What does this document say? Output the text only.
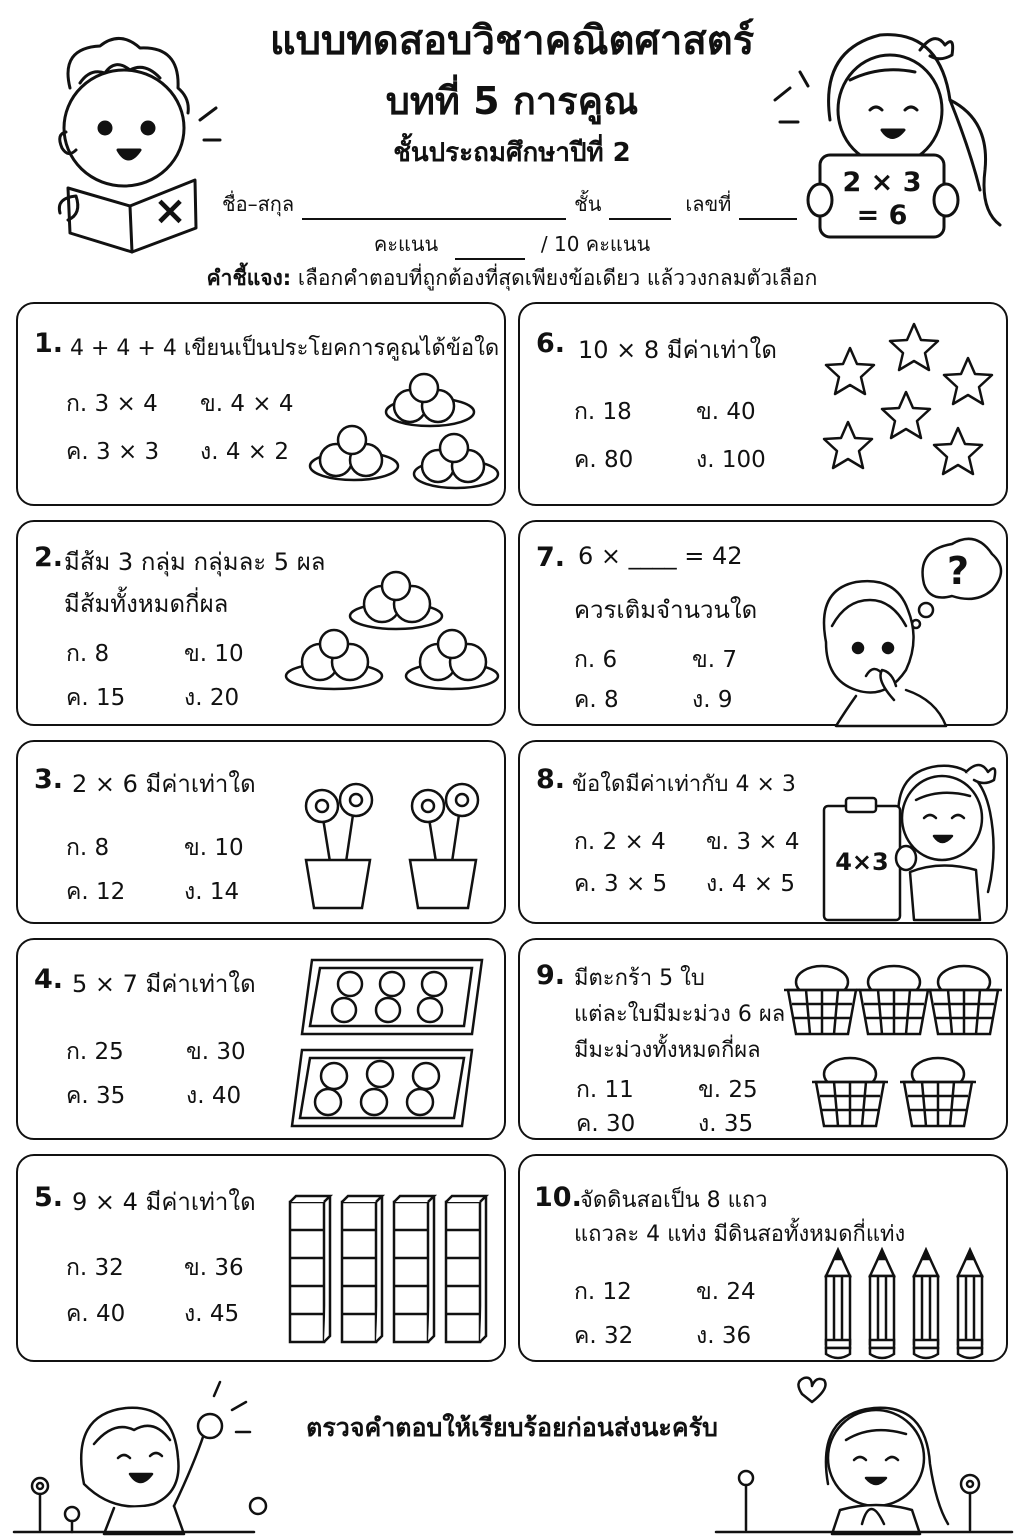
แบบทดสอบวิชาคณิตศาสตร์
บทที่ 5 การคูณ
ชั้นประถมศึกษาปีที่ 2
ชื่อ–สกุล	ชั้น	เลขที่
คะแนน	/ 10 คะแนน
คำชี้แจง: เลือกคำตอบที่ถูกต้องที่สุดเพียงข้อเดียว แล้ววงกลมตัวเลือก
×
2 × 3
= 6
1. 4 + 4 + 4 เขียนเป็นประโยคการคูณได้ข้อใด
ก. 3 × 4 ข. 4 × 4
ค. 3 × 3 ง. 4 × 2
2. มีส้ม 3 กลุ่ม กลุ่มละ 5 ผล
มีส้มทั้งหมดกี่ผล
ก. 8	ข. 10
ค. 15	ง. 20
3. 2 × 6 มีค่าเท่าใด
ก. 8	ข. 10
ค. 12	ง. 14
4. 5 × 7 มีค่าเท่าใด
ก. 25	ข. 30
ค. 35	ง. 40
5. 9 × 4 มีค่าเท่าใด
ก. 32	ข. 36
ค. 40	ง. 45
6. 10 × 8 มีค่าเท่าใด
ก. 18	ข. 40
ค. 80	ง. 100
7. 6 × ____ = 42
ควรเติมจำนวนใด
ก. 6	ข. 7
ค. 8	ง. 9
?
8. ข้อใดมีค่าเท่ากับ 4 × 3
ก. 2 × 4 ข. 3 × 4
ค. 3 × 5 ง. 4 × 5
4×3
9. มีตะกร้า 5 ใบ
แต่ละใบมีมะม่วง 6 ผล
มีมะม่วงทั้งหมดกี่ผล
ก. 11	ข. 25
ค. 30	ง. 35
10.
จัดดินสอเป็น 8 แถว
แถวละ 4 แท่ง มีดินสอทั้งหมดกี่แท่ง
ก. 12	ข. 24
ค. 32	ง. 36
ตรวจคำตอบให้เรียบร้อยก่อนส่งนะครับ
